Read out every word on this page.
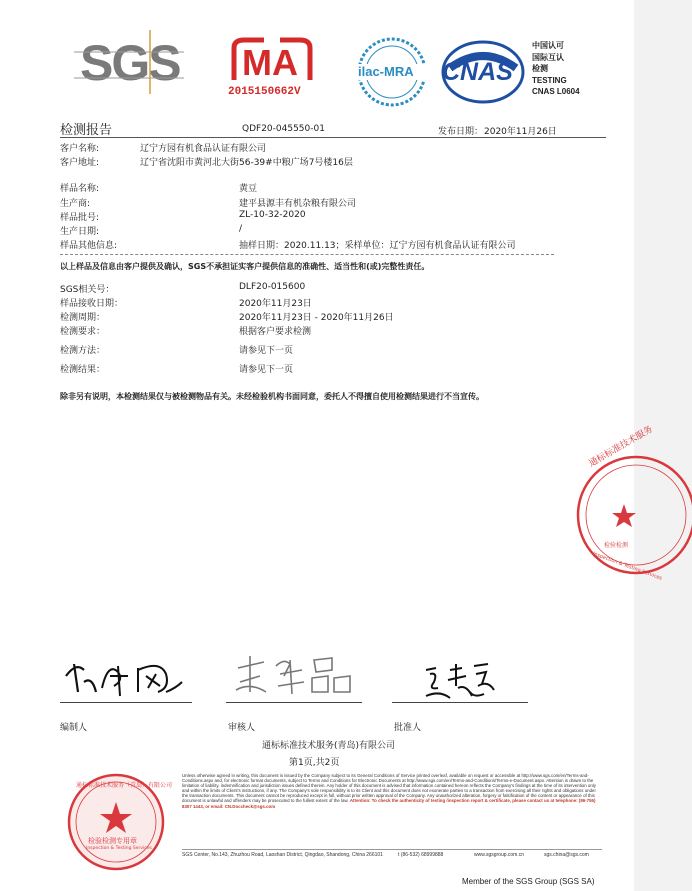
SGS MA
2015150662V
ilac-MRA CNAS
中国认可
国际互认
检测
TESTING
CNAS L0604
检测报告	QDF20-045550-01	发布日期： 2020年11月26日
客户名称:	辽宁方园有机食品认证有限公司
客户地址:	辽宁省沈阳市黄河北大街56-39#中粮广场7号楼16层
样品名称:	黄豆
生产商:	建平县源丰有机杂粮有限公司
样品批号:	ZL-10-32-2020
生产日期:	/
样品其他信息:	抽样日期：2020.11.13；采样单位：辽宁方园有机食品认证有限公司
以上样品及信息由客户提供及确认，SGS不承担证实客户提供信息的准确性、适当性和(或)完整性责任。
SGS相关号：	DLF20-015600
样品接收日期：	2020年11月23日
检测周期：	2020年11月23日 - 2020年11月26日
检测要求：	根据客户要求检测
检测方法：	请参见下一页
检测结果：	请参见下一页
除非另有说明，本检测结果仅与被检测物品有关。未经检验机构书面同意，委托人不得擅自使用检测结果进行不当宣传。
通标标准技术服务
检验检测
Inspection & Testing Services
编制人	审核人	批准人
通标标准技术服务(青岛)有限公司
第1页,共2页
通标标准技术服务（青岛）有限公司
检验检测专用章
Inspection & Testing Services
Unless otherwise agreed in writing, this document is issued by the Company subject to its General Conditions of Service printed overleaf, available on request or accessible at http://www.sgs.com/en/Terms-and-Conditions.aspx and, for electronic format documents, subject to Terms and Conditions for Electronic Documents at http://www.sgs.com/en/Terms-and-Conditions/Terms-e-Document.aspx. Attention is drawn to the limitation of liability, indemnification and jurisdiction issues defined therein. Any holder of this document is advised that information contained hereon reflects the Company's findings at the time of its intervention only and within the limits of Client's instructions, if any. The Company's sole responsibility is to its Client and this document does not exonerate parties to a transaction from exercising all their rights and obligations under the transaction documents. This document cannot be reproduced except in full, without prior written approval of the Company. Any unauthorized alteration, forgery or falsification of the content or appearance of this document is unlawful and offenders may be prosecuted to the fullest extent of the law. Attention: To check the authenticity of testing /inspection report & certificate, please contact us at telephone: (86-755) 8307 1443, or email: CN.Doccheck@sgs.com
SGS Center, No.143, Zhuzhou Road, Laoshan District, Qingdao, Shandong, China 266101	t (86-532) 68999888	www.sgsgroup.com.cn	sgs.china@sgs.com
Member of the SGS Group (SGS SA)
